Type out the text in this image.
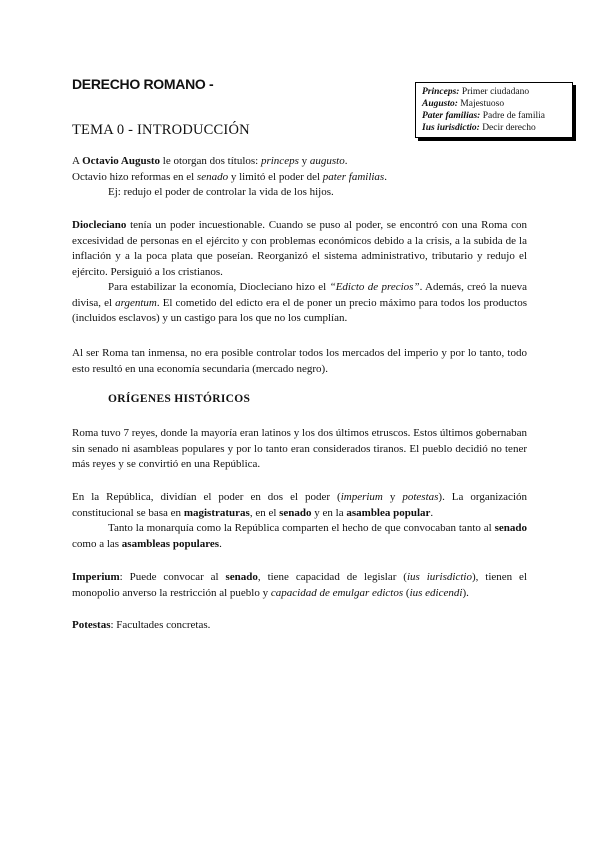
DERECHO ROMANO -	Princeps: Primer ciudadano
Augusto: Majestuoso
Pater familias: Padre de familia
Ius iurisdictio: Decir derecho
TEMA 0 - INTRODUCCIÓN

A Octavio Augusto le otorgan dos títulos: princeps y augusto.

Octavio hizo reformas en el senado y limitó el poder del pater familias.

Ej: redujo el poder de controlar la vida de los hijos.

Diocleciano tenía un poder incuestionable. Cuando se puso al poder, se encontró con una Roma con excesividad de personas en el ejército y con problemas económicos debido a la crisis, a la subida de la inflación y a la poca plata que poseían. Reorganizó el sistema administrativo, tributario y redujo el ejército. Persiguió a los cristianos.

Para estabilizar la economía, Diocleciano hizo el “Edicto de precios”. Además, creó la nueva divisa, el argentum. El cometido del edicto era el de poner un precio máximo para todos los productos (incluidos esclavos) y un castigo para los que no los cumplían.

Al ser Roma tan inmensa, no era posible controlar todos los mercados del imperio y por lo tanto, todo esto resultó en una economía secundaria (mercado negro).

ORÍGENES HISTÓRICOS

Roma tuvo 7 reyes, donde la mayoría eran latinos y los dos últimos etruscos. Estos últimos gobernaban sin senado ni asambleas populares y por lo tanto eran considerados tiranos. El pueblo decidió no tener más reyes y se convirtió en una República.

En la República, dividían el poder en dos el poder (imperium y potestas). La organización constitucional se basa en magistraturas, en el senado y en la asamblea popular.

Tanto la monarquía como la República comparten el hecho de que convocaban tanto al senado como a las asambleas populares.

Imperium: Puede convocar al senado, tiene capacidad de legislar (ius iurisdictio), tienen el monopolio anverso la restricción al pueblo y capacidad de emulgar edictos (ius edicendi).

Potestas: Facultades concretas.
